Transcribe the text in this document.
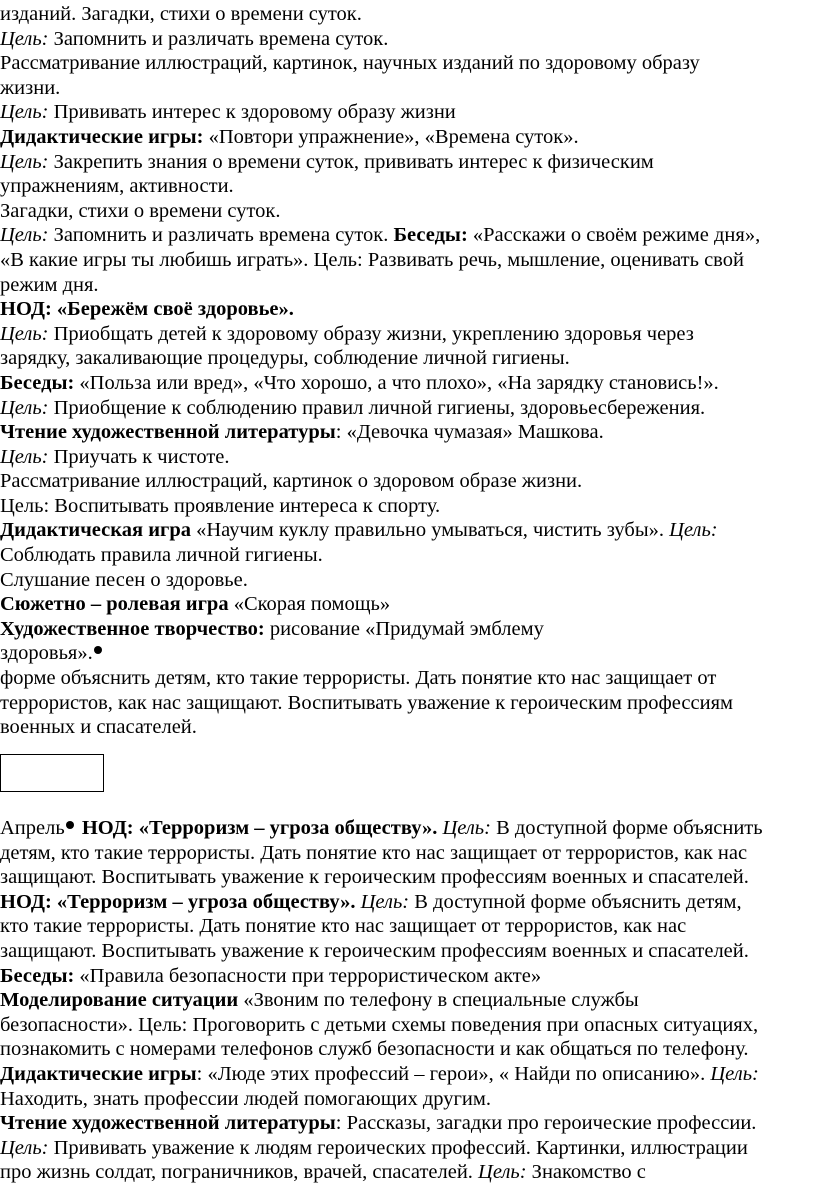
изданий. Загадки, стихи о времени суток.
Цель: Запомнить и различать времена суток.
Рассматривание иллюстраций, картинок, научных изданий по здоровому образу
жизни.
Цель: Прививать интерес к здоровому образу жизни
Дидактические игры: «Повтори упражнение», «Времена суток».
Цель: Закрепить знания о времени суток, прививать интерес к физическим
упражнениям, активности.
Загадки, стихи о времени суток.
Цель: Запомнить и различать времена суток. Беседы: «Расскажи о своём режиме дня»,
«В какие игры ты любишь играть». Цель: Развивать речь, мышление, оценивать свой
режим дня.
НОД: «Бережём своё здоровье».
Цель: Приобщать детей к здоровому образу жизни, укреплению здоровья через
зарядку, закаливающие процедуры, соблюдение личной гигиены.
Беседы: «Польза или вред», «Что хорошо, а что плохо», «На зарядку становись!».
Цель: Приобщение к соблюдению правил личной гигиены, здоровьесбережения.
Чтение художественной литературы: «Девочка чумазая» Машкова.
Цель: Приучать к чистоте.
Рассматривание иллюстраций, картинок о здоровом образе жизни.
Цель: Воспитывать проявление интереса к спорту.
Дидактическая игра «Научим куклу правильно умываться, чистить зубы». Цель:
Соблюдать правила личной гигиены.
Слушание песен о здоровье.
Сюжетно – ролевая игра «Скорая помощь»
Художественное творчество: рисование «Придумай эмблему
здоровья».
форме объяснить детям, кто такие террористы. Дать понятие кто нас защищает от
террористов, как нас защищают. Воспитывать уважение к героическим профессиям
военных и спасателей.
Апрель НОД: «Терроризм – угроза обществу». Цель: В доступной форме объяснить
детям, кто такие террористы. Дать понятие кто нас защищает от террористов, как нас
защищают. Воспитывать уважение к героическим профессиям военных и спасателей.
НОД: «Терроризм – угроза обществу». Цель: В доступной форме объяснить детям,
кто такие террористы. Дать понятие кто нас защищает от террористов, как нас
защищают. Воспитывать уважение к героическим профессиям военных и спасателей.
Беседы: «Правила безопасности при террористическом акте»
Моделирование ситуации «Звоним по телефону в специальные службы
безопасности». Цель: Проговорить с детьми схемы поведения при опасных ситуациях,
познакомить с номерами телефонов служб безопасности и как общаться по телефону.
Дидактические игры: «Люде этих профессий – герои», « Найди по описанию». Цель:
Находить, знать профессии людей помогающих другим.
Чтение художественной литературы: Рассказы, загадки про героические профессии.
Цель: Прививать уважение к людям героических профессий. Картинки, иллюстрации
про жизнь солдат, пограничников, врачей, спасателей. Цель: Знакомство с
